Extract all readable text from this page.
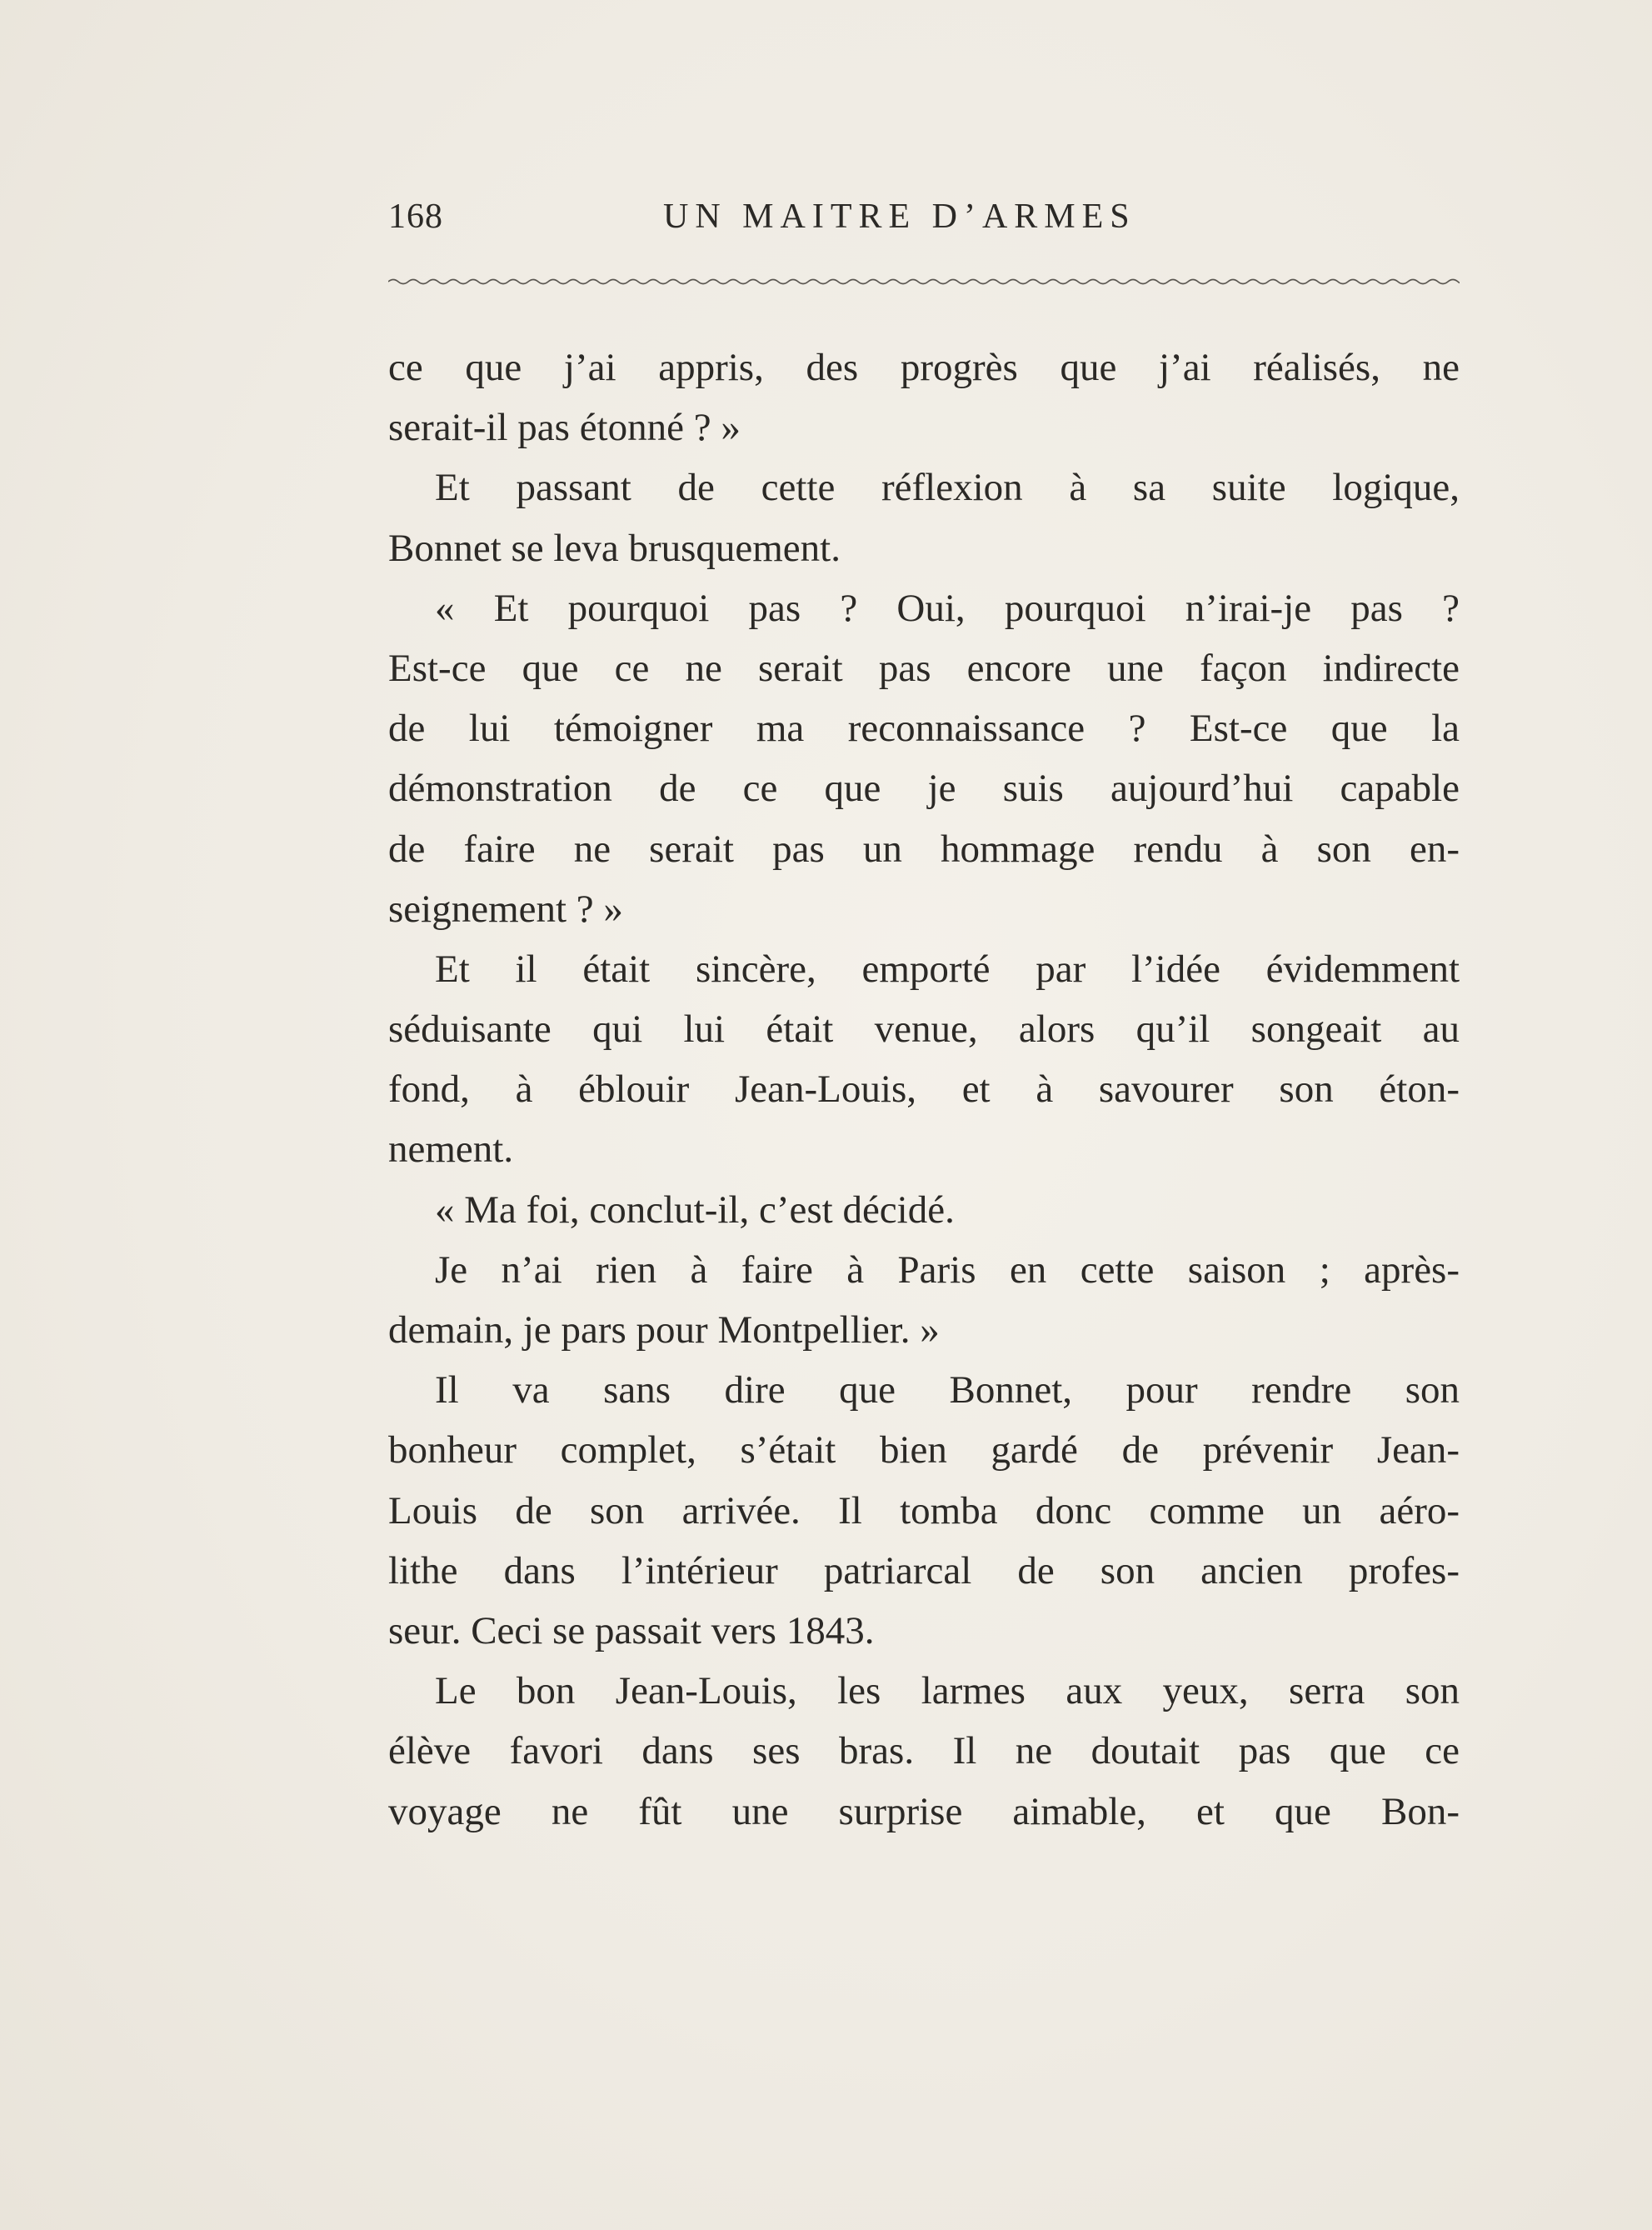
168	UN MAITRE D’ARMES
ce que j’ai appris, des progrès que j’ai réalisés, ne
serait-il pas étonné ? »
Et passant de cette réflexion à sa suite logique,
Bonnet se leva brusquement.
« Et pourquoi pas ? Oui, pourquoi n’irai-je pas ?
Est-ce que ce ne serait pas encore une façon indirecte
de lui témoigner ma reconnaissance ? Est-ce que la
démonstration de ce que je suis aujourd’hui capable
de faire ne serait pas un hommage rendu à son en-
seignement ? »
Et il était sincère, emporté par l’idée évidemment
séduisante qui lui était venue, alors qu’il songeait au
fond, à éblouir Jean-Louis, et à savourer son éton-
nement.
« Ma foi, conclut-il, c’est décidé.
Je n’ai rien à faire à Paris en cette saison ; après-
demain, je pars pour Montpellier. »
Il va sans dire que Bonnet, pour rendre son
bonheur complet, s’était bien gardé de prévenir Jean-
Louis de son arrivée. Il tomba donc comme un aéro-
lithe dans l’intérieur patriarcal de son ancien profes-
seur. Ceci se passait vers 1843.
Le bon Jean-Louis, les larmes aux yeux, serra son
élève favori dans ses bras. Il ne doutait pas que ce
voyage ne fût une surprise aimable, et que Bon-
